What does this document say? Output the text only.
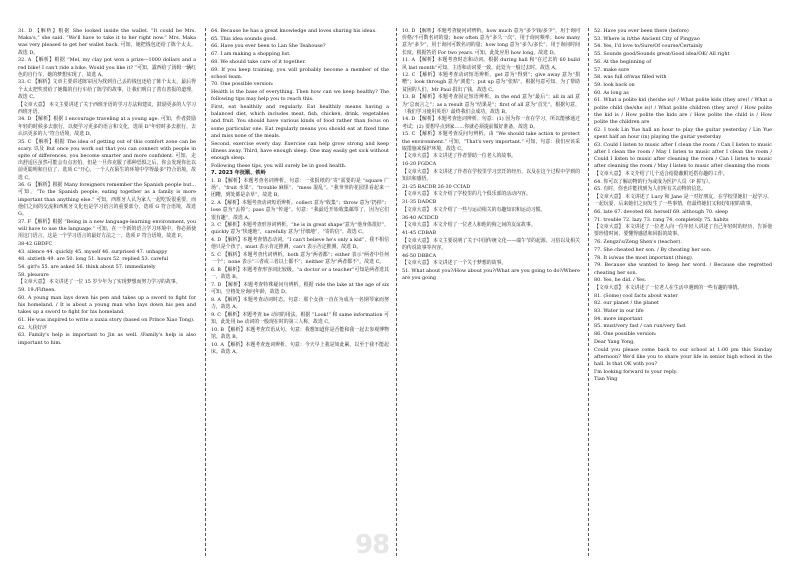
31. D 【解析】根据 She looked inside the wallet. “It could be Mrs. Maka's,” she said. “We'll have to take it to her right now.” Mrs. Maka was very pleased to get her wallet back. 可知，她把钱包还给了陈个太太，故选 D。
32. A 【解析】根据 “Mel, my clay pot won a prize—1000 dollars and a red bike! I can't ride a bike. Would you like it? ”可知，露西给了汤姆一辆红色的自行车，她的梦想实现了，故选 A。
33. C 【解析】文章主要讲述陈帘因为找到自己丢的钱包还给了陈个太太，最后得个太太把奖赏给了她做的自行车给了陈学的故事，让我们明白了善有善报的道理，故选 C。
【文章大意】 本文主要讲述了关于西班牙语的学习方法和建议，鼓励更多的人学习西班牙语。
34. D 【解析】根据 I encourage traveling at a young age. 可知，作者鼓励年轻的时候多去旅行，以便学习更多的语言和文化，选项 D“年轻时多去旅行，去认识更多的人”符合语境，故选 D。
35. C 【解析】根据 The idea of getting out of this comfort zone can be scary. 以及 But once you work out that you can connect with people in spite of differences, you become smarter and more confident. 可知，走出舒适区虽然可能会有点害怕，但是一旦你克服了那种恐惧之后，你会发现你比以前更聪明和自信了，选项 C“开心，一个人在陌生的环境中学得最多”符合语境，故选 C。
36. G 【解析】根据 Many foreigners remember the Spanish people but... 可知，“To the Spanish people, eating together as a family is more important than anything else.” 可知，西班牙人认为家人一起吃饭很重要，而他们之间的交流和西班牙文化也是学习语言的重要部分，选项 G 符合语境，故选 G。
37. F 【解析】根据 “Being in a new language-learning environment, you will have to use the language.” 可知，在一个新的语言学习环境中，你必须使用这门语言，这是一个学习语言的最好方法之一，选项 F 符合语境，故选 F。
38-42 GBDFC
43. silence 44. quickly 45. myself 46. surprised 47. unhappy
48. sixtieth 49. are 50. long 51. hours 52. replied 53. careful
54. girl's 55. are asked 56. think about 57. immediately
58. pleasure
【文章大意】 本文讲述了一位 15 岁少年为了实现梦想而努力学习的故事。
59. 19./Fifteen.
60. A young man lays down his pen and takes up a sword to fight for his homeland. / It is about a young man who lays down his pen and takes up a sword to fight for his homeland.
61. He was inspired to write a xuxia story (based on Prince Xiao Tong).
62. 大获好评
63. Family's help is important to Jin as well. /Family's help is also important to him.
64. Because he has a great knowledge and loves sharing his ideas.
65. This idea sounds good.
66. Have you ever been to Lan She Teahouse?
67. I am making a shopping list.
68. We should take care of it together.
69. If you keep training, you will probably become a member of the school team.
70. One possible version:
Health is the base of everything. Then how can we keep healthy? The following tips may help you to reach this.
First, eat healthily and regularly. Eat healthily means having a balanced diet, which includes meat, fish, chicken, drink, vegetables and fruit. You should have various kinds of food rather than focus on some particular one. Eat regularly means you should eat at fixed time and miss none of the meals.
Second, exercise every day. Exercise can help grow strong and keep illness away. Third, have enough sleep. One may easily get sick without enough sleep.
Following these tips, you will surely be in good health.
7. 2023 年抚顺、铁岭
1. B 【解析】本题考查名词辨析。句意：一张报纸的“寄”需要的是 “square 广场”、“fruit 水果”、“trouble 麻烦”、“mess 混乱”。“我爷爷的花园里看起来一团糟，到处都是杂草”，故选 B。
2. A 【解析】本题考查动词短语辨析。collect 意为“收集”；throw 意为“扔掉”；lose 意为“丢掉”；pass 意为“传递”。句意：“我最近开始收集邮票了，因为它们很有趣”，故选 A。
3. C 【解析】本题考查形容词辨析。“he is in great shape”意为“他身体很好”，quickly 意为“快速地”，carefully 意为“仔细地”，“寄的信”，故选 C。
4. D 【解析】本题考查情态动词。“I can't believe he's only a kid”，我不相信他只是个孩子，must 表示肯定推测，can't 表示否定推测，故选 D。
5. C 【解析】本题考查代词辨析。both 意为“两者都”；either 表示“两者中任何一个”；none 表示“三者或三者以上都不”；neither 意为“两者都不”。故选 C。
6. B 【解析】本题考查形容词比较级。“a doctor or a teacher”可知是两者选其一，故选 B。
7. D 【解析】本题考查特殊疑问句辨析。根据 ride the lake at the age of six 可知，空格处应询问年龄，故选 D。
8. A 【解析】本题考查动词时态。句意：那个女孩一直在为成为一名钢琴家而努力，故选 A。
9. C 【解析】本题考查 be 动词的用法。根据 “Look!” 和 same information 可知，此处用 be 动词的一般现在时的第三人称，故选 C。
10. B 【解析】本题考查宾语从句。句意：我想知道你是否能和我一起去参观博物馆。故选 B。
10. A 【解析】本题考查连词辨析。句意：今天早上我是如此累，以至于我不能起床。故选 A。
10. D 【解析】本题考查疑问词辨析。how much 意为“多少钱/多少”，用于询问价格/不可数名词的量；how often 意为“多久一次”，用于询问频率；how many 意为“多少”，用于询问可数名词的量；how long 意为“多久/多长”，用于询问时间长度。根据答语 For two years. 可知，此处应用 how long，故选 D。
11. A 【解析】本题考查时态和动词。根据 during hall 和“在过去的 60 build 风 last month”可知，主语和动词要一致，此处为一般过去时，故选 A。
12. C 【解析】本题考查动词短语辨析。get 意为“得到”；give away 意为“捐赠”；look through 意为“浏览”；put up 意为“张贴”。根据句意可知，为了帮助贫困的人们，Mr Paul 捐出了钱，故选 C。
13. B 【解析】本题考查固定短语辨析。in the end 意为“最后”；all in all 意为“总而言之”；as a result 意为“结果是”；first of all 意为“首先”。根据句意，（我们学习使用英语）最终我们会成功，故选 B。
14. D 【解析】本题考查连词辨析。句意：(1) 因为你一直在学习，所以能够通过考试；(2) 要想早点到家……你就必须提前做好准备。故选 D。
15. C 【解析】本题考查反问句辨析。由 “We should take action to protect the environment.” 可知，“That's very important.” 可知，句意：我们应该采取措施来保护环境，故选 C。
【文章大意】 本文讲述了作者帮助一位老人的故事。
16-20 FGDCA
【文章大意】 本文讲述了作者在学校里学习烹饪的经历，以及在这个过程中学到的知识和感悟。
21-25 BACDB 26-30 CCIAD
【文章大意】 本文介绍了学校里的几个俱乐部的活动内容。
31-35 DADCB
【文章大意】 本文介绍了一些与运动相关的有趣知识和运动习惯。
36-40 ACIDCD
【文章大意】 本文介绍了一位老人和他的狗之间的友谊故事。
41-45 CDBAB
【文章大意】 本文主要说明了关于中国传统文化——端午节的起源、习俗以及相关的传说故事等内容。
46-50 DBBCA
【文章大意】 本文讲述了一个关于梦想的故事。
51. What about you?/How about you?/What are you going to do?/Where are you going
52. Have you ever been there (before)
53. Where is it/the Ancient City of Pingyao
54. Yes, I'd love to/Sure/Of course/Certainly
55. Sounds good/Sounds great/Good idea/OK/ All right
56. At the beginning of
57. make sure
58. was full of/was filled with
59. look back on
60. As long as
61. What a polite kid (he/she is)! / What polite kids (they are)! / What a polite child (he/she is)! / What polite children (they are)! / How polite the kid is / How polite the kids are / How polite the child is / How polite the children are
62. I took Lin Yue hall an hour to play the guitar yesterday / Lin Yue spent half an hour (in) playing the guitar yesterday
63. Could I listen to music after I clean the room / Can I listen to music after I clean the room / May I listen to music after I clean the room / Could I listen to music after cleaning the room / Can I listen to music after cleaning the room / May I listen to music after cleaning the room
【文章大意】 本文介绍了几个适合给隐蔽附近搭有趣的工作。
64. 你可以了解动物的行为或成为医护人员（P 拼写）。
65. 有时，你也许能找到为人们所有关动物的信息。
【文章大意】 本文讲述了 Lucy 和 Jane 是一对好朋友，在学校里她们一起学习、一起玩耍，后来她们之间发生了一些事情，但最终她们又和好如初的故事。
66. late 67. devoted 68. herself 69. although 70. sleep
71. trouble 72. lazy 73. rang 74. completely 75. habits
【文章大意】 本文讲述了一位老人向一位年轻人讲述了自己年轻时的经历，告诉他要珍惜时间，要懂得感恩和回报的故事。
76. Zengzi's/Zeng Shen's (teacher).
77. She cheated her son. / By cheating her son.
78. It is/was the most important (thing).
79. Because she wanted to keep her word. / Because she regretted cheating her son.
80. Yes, he did. / Yes.
【文章大意】 本文讲述了一位老人在生活中遇到的一些有趣的事情。
81. (Some) cool facts about water
82. our planet / the planet
83. Water in our life
84. more important
85. must/very fast / can run/very fast
86. One possible version:
Dear Yang Yong,
Could you please come back to our school at 1:00 pm this Sunday afternoon? We'd like you to share your life in senior high school in the hall. Is that OK with you?
I'm looking forward to your reply.
Tian Ying
98
